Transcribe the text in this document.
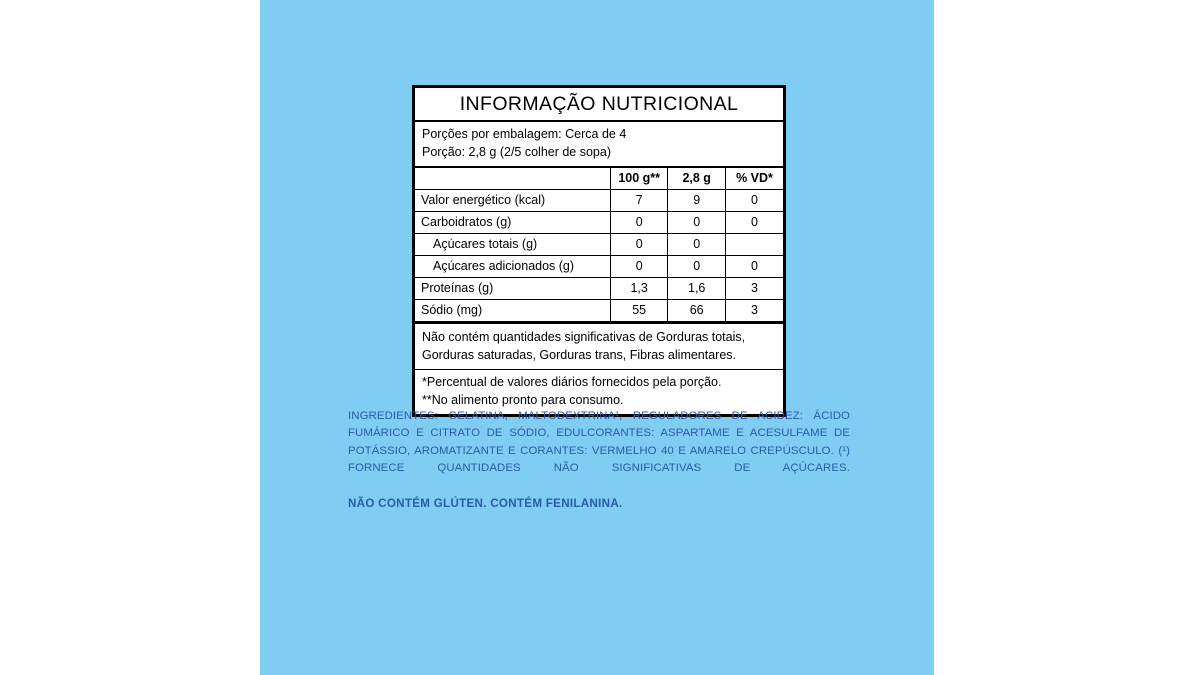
INFORMAÇÃO NUTRICIONAL
Porções por embalagem: Cerca de 4
Porção: 2,8 g (2/5 colher de sopa)
	100 g**	2,8 g	% VD*
Valor energético (kcal)	7	9	0
Carboidratos (g)	0	0	0
Açúcares totais (g)	0	0	
Açúcares adicionados (g)	0	0	0
Proteínas (g)	1,3	1,6	3
Sódio (mg)	55	66	3
Não contém quantidades significativas de Gorduras totais, Gorduras saturadas, Gorduras trans, Fibras alimentares.
*Percentual de valores diários fornecidos pela porção.
**No alimento pronto para consumo.
INGREDIENTES: GELATINA, MALTODEXTRINA¹, REGULADORES DE ACIDEZ: ÁCIDO FUMÁRICO E CITRATO DE SÓDIO, EDULCORANTES: ASPARTAME E ACESULFAME DE POTÁSSIO, AROMATIZANTE E CORANTES: VERMELHO 40 E AMARELO CREPÚSCULO. (¹) FORNECE QUANTIDADES NÃO SIGNIFICATIVAS DE AÇÚCARES.
NÃO CONTÉM GLÚTEN. CONTÉM FENILANINA.
